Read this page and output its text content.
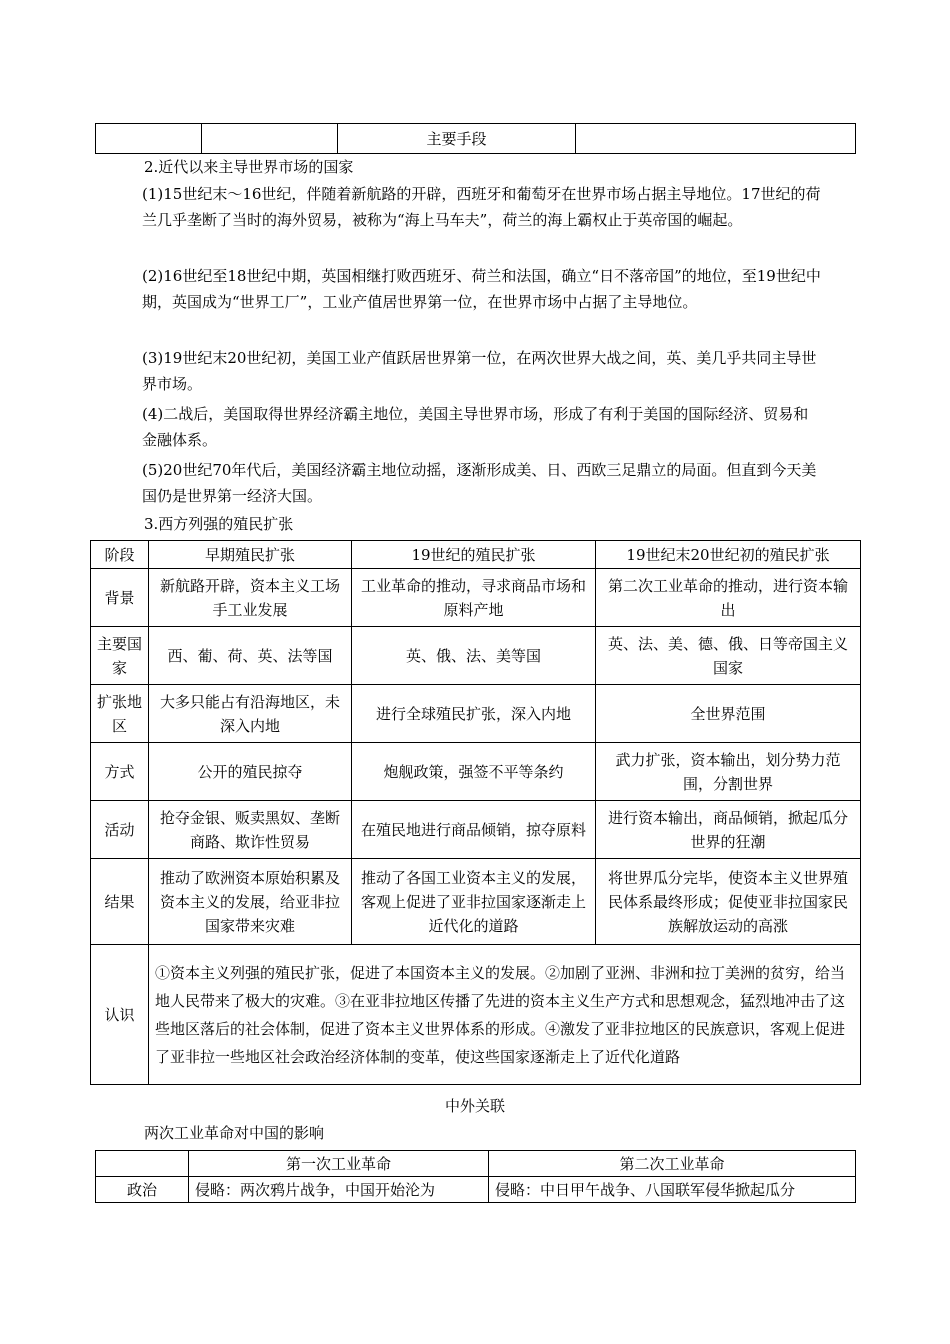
		主要手段	

2.近代以来主导世界市场的国家

(1)15世纪末～16世纪，伴随着新航路的开辟，西班牙和葡萄牙在世界市场占据主导地位。17世纪的荷兰几乎垄断了当时的海外贸易，被称为“海上马车夫”，荷兰的海上霸权止于英帝国的崛起。

(2)16世纪至18世纪中期，英国相继打败西班牙、荷兰和法国，确立“日不落帝国”的地位，至19世纪中期，英国成为“世界工厂”，工业产值居世界第一位，在世界市场中占据了主导地位。

(3)19世纪末20世纪初，美国工业产值跃居世界第一位，在两次世界大战之间，英、美几乎共同主导世界市场。

(4)二战后，美国取得世界经济霸主地位，美国主导世界市场，形成了有利于美国的国际经济、贸易和金融体系。

(5)20世纪70年代后，美国经济霸主地位动摇，逐渐形成美、日、西欧三足鼎立的局面。但直到今天美国仍是世界第一经济大国。

3.西方列强的殖民扩张

阶段	早期殖民扩张	19世纪的殖民扩张	19世纪末20世纪初的殖民扩张
背景	新航路开辟，资本主义工场手工业发展	工业革命的推动，寻求商品市场和原料产地	第二次工业革命的推动，进行资本输出
主要国家	西、葡、荷、英、法等国	英、俄、法、美等国	英、法、美、德、俄、日等帝国主义国家
扩张地区	大多只能占有沿海地区，未深入内地	进行全球殖民扩张，深入内地	全世界范围
方式	公开的殖民掠夺	炮舰政策，强签不平等条约	武力扩张，资本输出，划分势力范围，分割世界
活动	抢夺金银、贩卖黑奴、垄断商路、欺诈性贸易	在殖民地进行商品倾销，掠夺原料	进行资本输出，商品倾销，掀起瓜分世界的狂潮
结果	推动了欧洲资本原始积累及资本主义的发展，给亚非拉国家带来灾难	推动了各国工业资本主义的发展，客观上促进了亚非拉国家逐渐走上近代化的道路	将世界瓜分完毕，使资本主义世界殖民体系最终形成；促使亚非拉国家民族解放运动的高涨
认识	①资本主义列强的殖民扩张，促进了本国资本主义的发展。②加剧了亚洲、非洲和拉丁美洲的贫穷，给当地人民带来了极大的灾难。③在亚非拉地区传播了先进的资本主义生产方式和思想观念，猛烈地冲击了这些地区落后的社会体制，促进了资本主义世界体系的形成。④激发了亚非拉地区的民族意识，客观上促进了亚非拉一些地区社会政治经济体制的变革，使这些国家逐渐走上了近代化道路		

中外关联

两次工业革命对中国的影响

	第一次工业革命	第二次工业革命
政治	侵略：两次鸦片战争，中国开始沦为	侵略：中日甲午战争、八国联军侵华掀起瓜分
